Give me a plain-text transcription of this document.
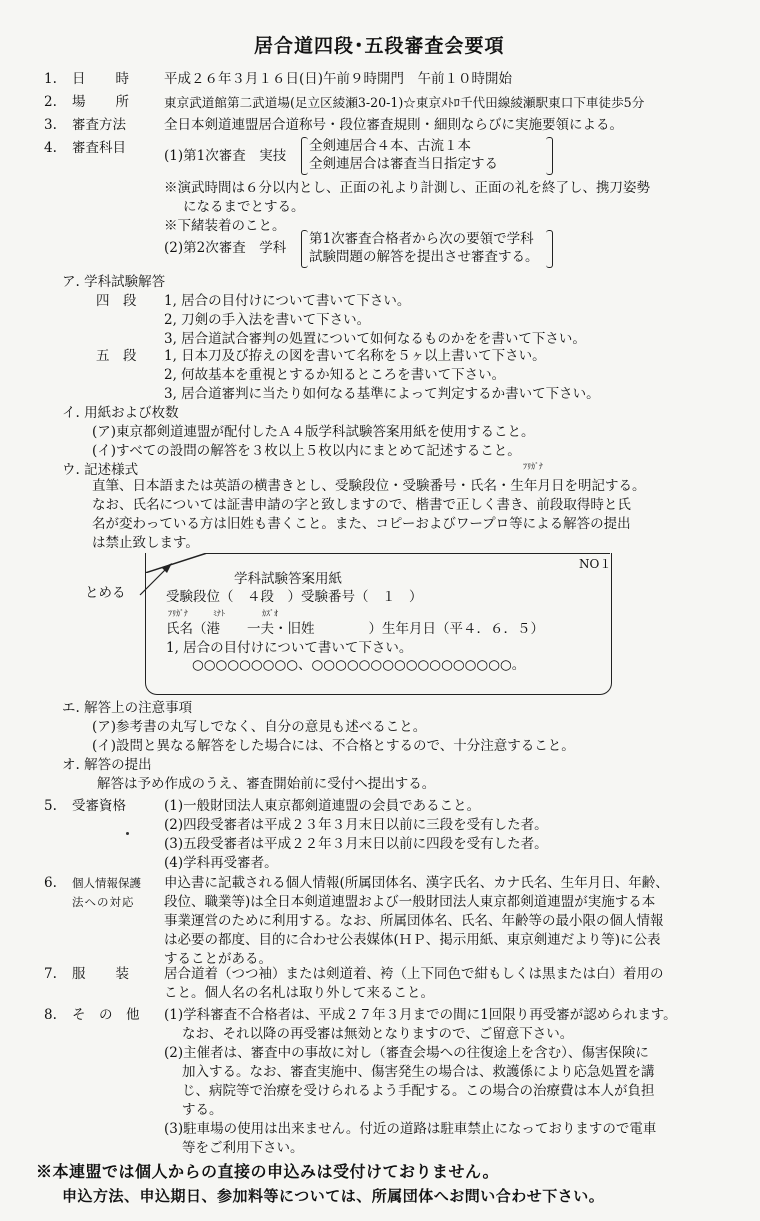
居合道四段･五段審査会要項
1. 日　　時	平成２６年３月１６日(日)午前９時開門　午前１０時開始
2. 場　　所	東京武道館第二武道場(足立区綾瀬3-20-1)☆東京ﾒﾄﾛ千代田線綾瀬駅東口下車徒歩5分
3. 審査方法	全日本剣道連盟居合道称号・段位審査規則・細則ならびに実施要領による。
4. 審査科目	(1)第1次審査　実技
全剣連居合４本、古流１本
全剣連居合は審査当日指定する
※演武時間は６分以内とし、正面の礼より計測し、正面の礼を終了し、携刀姿勢
になるまでとする。
※下緒装着のこと。
(2)第2次審査　学科
第1次審査合格者から次の要領で学科
試験問題の解答を提出させ審査する。
ア. 学科試験解答
四　段 1, 居合の目付けについて書いて下さい。
2, 刀剣の手入法を書いて下さい。
3, 居合道試合審判の処置について如何なるものかをを書いて下さい。
五　段 1, 日本刀及び拵えの図を書いて名称を５ヶ以上書いて下さい。
2, 何故基本を重視とするか知るところを書いて下さい。
3, 居合道審判に当たり如何なる基準によって判定するか書いて下さい。
イ. 用紙および枚数
(ア)東京都剣道連盟が配付したＡ４版学科試験答案用紙を使用すること。
(イ)すべての設問の解答を３枚以上５枚以内にまとめて記述すること。
ウ. 記述様式	ﾌﾘｶﾞﾅ
直筆、日本語または英語の横書きとし、受験段位・受験番号・氏名・生年月日を明記する。
なお、氏名については証書申請の字と致しますので、楷書で正しく書き、前段取得時と氏
名が変わっている方は旧姓も書くこと。また、コピーおよびワープロ等による解答の提出
は禁止致します。
とめる
NO１
学科試験答案用紙
受験段位（　４段　）受験番号（　１　）
ﾌﾘｶﾞﾅ	ﾐﾅﾄ	ｶｽﾞｵ
氏名（港　　一夫・旧姓　　　　）生年月日（平４．６．５）
1, 居合の目付けについて書いて下さい。
○○○○○○○○○、○○○○○○○○○○○○○○○○○。
エ. 解答上の注意事項
(ア)参考書の丸写しでなく、自分の意見も述べること。
(イ)設問と異なる解答をした場合には、不合格とするので、十分注意すること。
オ. 解答の提出
解答は予め作成のうえ、審査開始前に受付へ提出する。
5. 受審資格	(1)一般財団法人東京都剣道連盟の会員であること。
(2)四段受審者は平成２３年３月末日以前に三段を受有した者。
(3)五段受審者は平成２２年３月末日以前に四段を受有した者。
(4)学科再受審者。
6. 個人情報保護
法への対応
申込書に記載される個人情報(所属団体名、漢字氏名、カナ氏名、生年月日、年齢、
段位、職業等)は全日本剣道連盟および一般財団法人東京都剣道連盟が実施する本
事業運営のために利用する。なお、所属団体名、氏名、年齢等の最小限の個人情報
は必要の都度、目的に合わせ公表媒体(ＨＰ、掲示用紙、東京剣連だより等)に公表
することがある。
7. 服　　装	居合道着（つつ袖）または剣道着、袴（上下同色で紺もしくは黒または白）着用の
こと。個人名の名札は取り外して来ること。
8. そ　の　他 (1)学科審査不合格者は、平成２７年３月までの間に1回限り再受審が認められます。
なお、それ以降の再受審は無効となりますので、ご留意下さい。
(2)主催者は、審査中の事故に対し（審査会場への往復途上を含む）、傷害保険に
加入する。なお、審査実施中、傷害発生の場合は、救護係により応急処置を講
じ、病院等で治療を受けられるよう手配する。この場合の治療費は本人が負担
する。
(3)駐車場の使用は出来ません。付近の道路は駐車禁止になっておりますので電車
等をご利用下さい。
※本連盟では個人からの直接の申込みは受付けておりません。
申込方法、申込期日、参加料等については、所属団体へお問い合わせ下さい。
